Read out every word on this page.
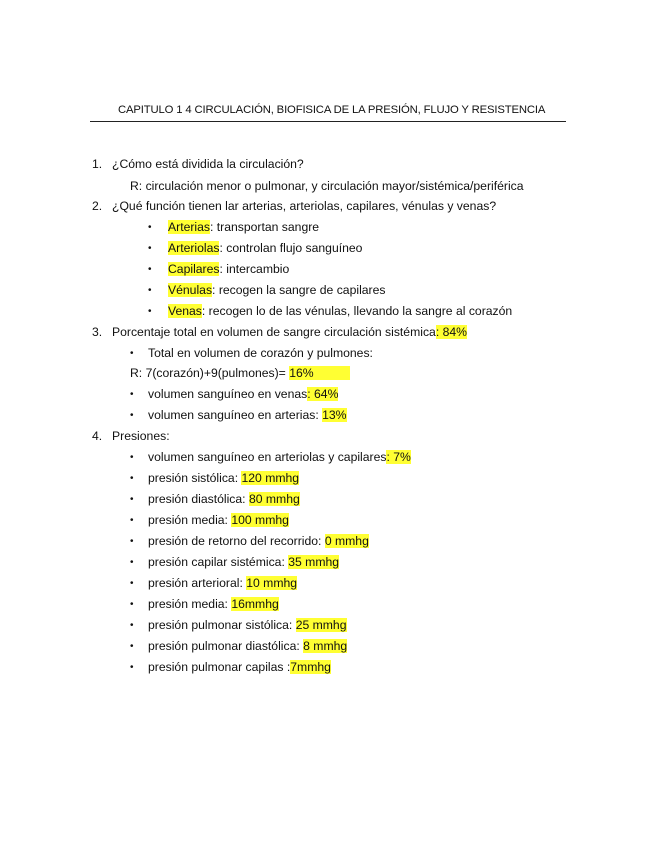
CAPITULO 1 4 CIRCULACIÓN, BIOFISICA DE LA PRESIÓN, FLUJO Y RESISTENCIA
1. ¿Cómo está dividida la circulación?
R: circulación menor o pulmonar, y circulación mayor/sistémica/periférica
2. ¿Qué función tienen lar arterias, arteriolas, capilares, vénulas y venas?
• Arterias: transportan sangre
• Arteriolas: controlan flujo sanguíneo
• Capilares: intercambio
• Vénulas: recogen la sangre de capilares
• Venas: recogen lo de las vénulas, llevando la sangre al corazón
3. Porcentaje total en volumen de sangre circulación sistémica: 84%
• Total en volumen de corazón y pulmones:
R: 7(corazón)+9(pulmones)= 16%
• volumen sanguíneo en venas: 64%
• volumen sanguíneo en arterias: 13%
4. Presiones:
• volumen sanguíneo en arteriolas y capilares: 7%
• presión sistólica: 120 mmhg
• presión diastólica: 80 mmhg
• presión media: 100 mmhg
• presión de retorno del recorrido: 0 mmhg
• presión capilar sistémica: 35 mmhg
• presión arterioral: 10 mmhg
• presión media: 16mmhg
• presión pulmonar sistólica: 25 mmhg
• presión pulmonar diastólica: 8 mmhg
• presión pulmonar capilas :7mmhg
